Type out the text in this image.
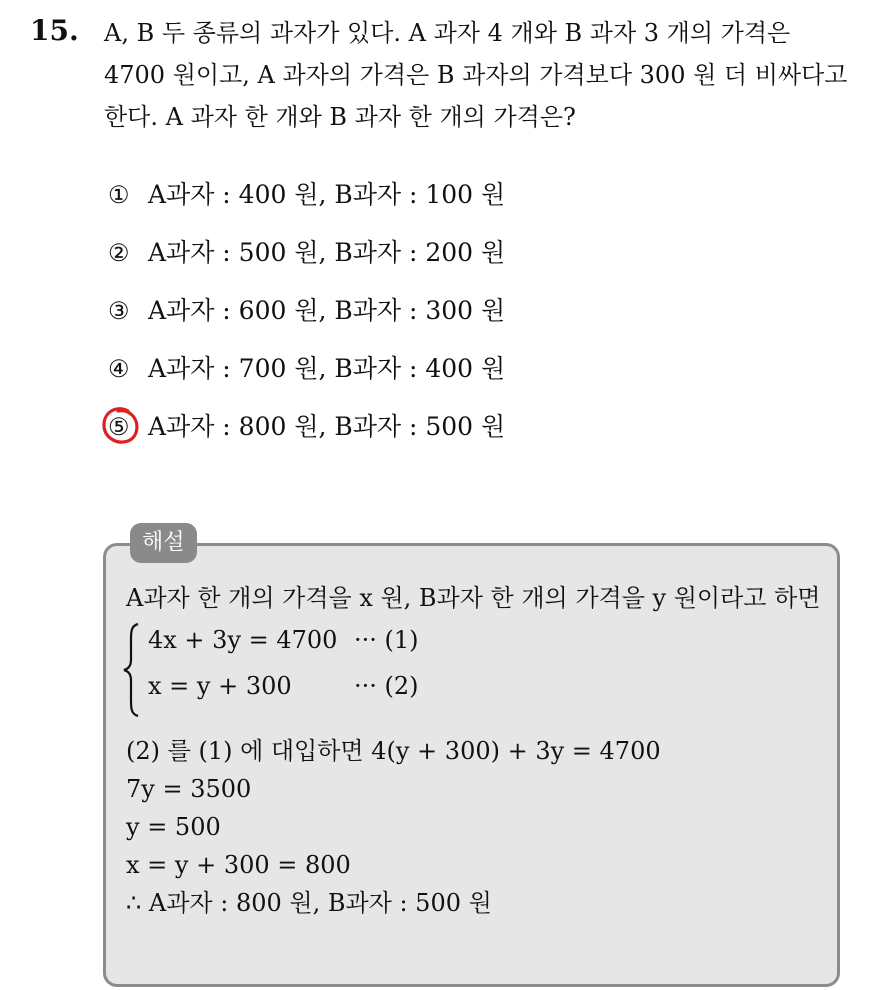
15. A, B 두 종류의 과자가 있다. A 과자 4 개와 B 과자 3 개의 가격은
4700 원이고, A 과자의 가격은 B 과자의 가격보다 300 원 더 비싸다고
한다. A 과자 한 개와 B 과자 한 개의 가격은?
① A과자 : 400 원, B과자 : 100 원
② A과자 : 500 원, B과자 : 200 원
③ A과자 : 600 원, B과자 : 300 원
④ A과자 : 700 원, B과자 : 400 원
⑤ A과자 : 800 원, B과자 : 500 원
해설
A과자 한 개의 가격을 x 원, B과자 한 개의 가격을 y 원이라고 하면
4x + 3y = 4700 ··· (1)
x = y + 300	··· (2)
(2) 를 (1) 에 대입하면 4(y + 300) + 3y = 4700
7y = 3500
y = 500
x = y + 300 = 800
∴ A과자 : 800 원, B과자 : 500 원
